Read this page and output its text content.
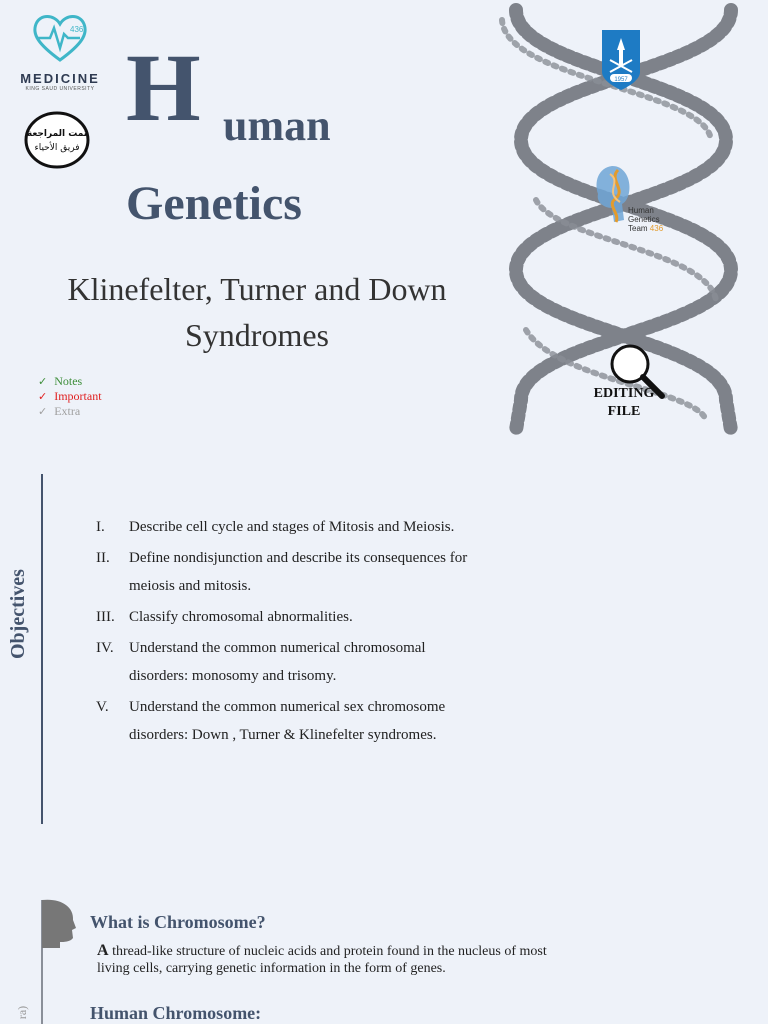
436
MEDICINE
KING SAUD UNIVERSITY
تمت المراجعة
فريق الأحياء
H uman
Genetics
Klinefelter, Turner and Down Syndromes
✓ Notes
✓ Important
✓ Extra
1957
Human
Genetics
Team 436
EDITING
FILE
Objectives
I.	Describe cell cycle and stages of Mitosis and Meiosis.
II.	Define nondisjunction and describe its consequences for meiosis and mitosis.
III. Classify chromosomal abnormalities.
IV.	Understand the common numerical chromosomal disorders: monosomy and trisomy.
V.	Understand the common numerical sex chromosome disorders: Down , Turner & Klinefelter syndromes.
ra)
What is Chromosome?
A thread-like structure of nucleic acids and protein found in the nucleus of most living cells, carrying genetic information in the form of genes.
Human Chromosome:
